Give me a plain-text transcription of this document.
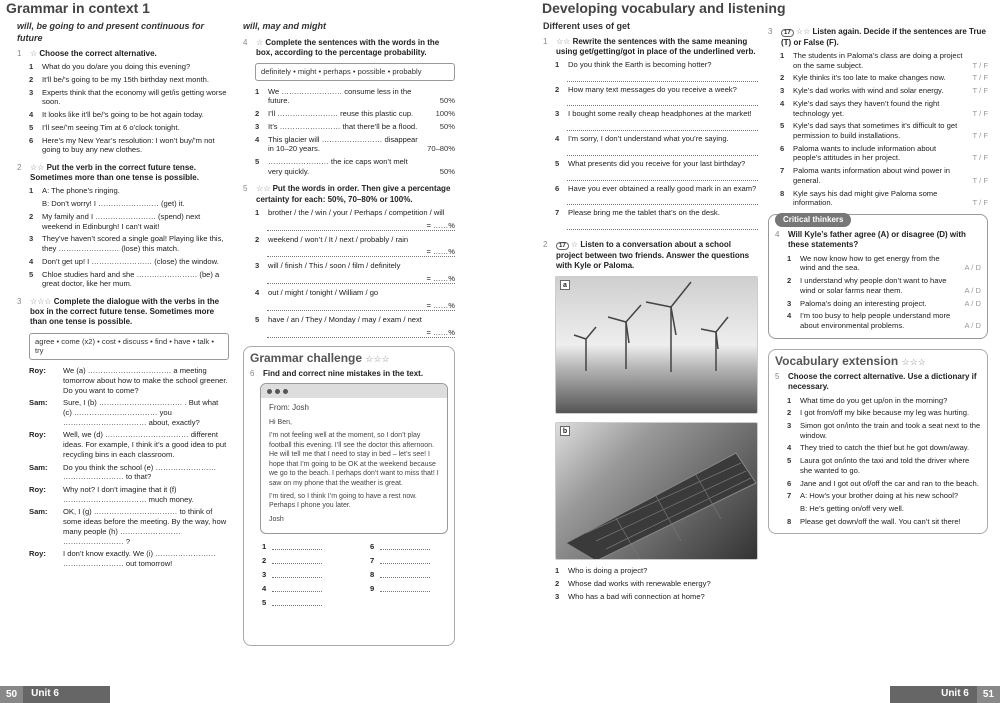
Grammar in context 1
will, be going to and present continuous for future
1	☆ Choose the correct alternative.
1	What do you do/are you doing this evening?
2	It’ll be/’s going to be my 15th birthday next month.
3	Experts think that the economy will get/is getting worse soon.
4	It looks like it’ll be/’s going to be hot again today.
5	I’ll see/’m seeing Tim at 6 o’clock tonight.
6	Here’s my New Year’s resolution: I won’t buy/’m not going to buy any new clothes.
2	☆☆ Put the verb in the correct future tense. Sometimes more than one tense is possible.
1	A: The phone’s ringing.
B: Don’t worry! I …………………… (get) it.
2	My family and I …………………… (spend) next weekend in Edinburgh! I can’t wait!
3	They’ve haven’t scored a single goal! Playing like this, they …………………… (lose) this match.
4	Don’t get up! I …………………… (close) the window.
5	Chloe studies hard and she …………………… (be) a great doctor, like her mum.
3	☆☆☆ Complete the dialogue with the verbs in the box in the correct future tense. Sometimes more than one tense is possible.
agree • come (x2) • cost • discuss • find • have • talk • try
Roy:	We (a) …………………………… a meeting tomorrow about how to make the school greener. Do you want to come?
Sam:	Sure, I (b) …………………………… . But what (c) …………………………… you …………………………… about, exactly?
Roy:	Well, we (d) …………………………… different ideas. For example, I think it’s a good idea to put recycling bins in each classroom.
Sam:	Do you think the school (e) …………………… …………………… to that?
Roy:	Why not? I don’t imagine that it (f) …………………………… much money.
Sam:	OK, I (g) …………………………… to think of some ideas before the meeting. By the way, how many people (h) …………………… …………………… ?
Roy:	I don’t know exactly. We (i) …………………… …………………… out tomorrow!
will, may and might
4	☆ Complete the sentences with the words in the box, according to the percentage probability.
definitely • might • perhaps • possible • probably
1	We …………………… consume less in the future.	50%
2	I’ll …………………… reuse this plastic cup.	100%
3	It’s …………………… that there’ll be a flood.	50%
4	This glacier will …………………… disappear in 10–20 years.	70–80%
5	…………………… the ice caps won’t melt very quickly.	50%
5	☆☆ Put the words in order. Then give a percentage certainty for each: 50%, 70–80% or 100%.
1	brother / the / win / your / Perhaps / competition / will
= ……%
2	weekend / won’t / It / next / probably / rain
= ……%
3	will / finish / This / soon / film / definitely
= ……%
4	out / might / tonight / William / go
= ……%
5	have / an / They / Monday / may / exam / next
= ……%
Grammar challenge ☆☆☆
6	Find and correct nine mistakes in the text.

From: Josh

Hi Ben,

I’m not feeling well at the moment, so I don’t play football this evening. I’ll see the doctor this afternoon. He will tell me that I need to stay in bed – let’s see! I hope that I’m going to be OK at the weekend because we go to the beach. I perhaps don’t want to miss that! I saw on my phone that the weather is great.

I’m tired, so I think I’m going to have a rest now. Perhaps I phone you later.

Josh

1	6
2	7
3	8
4	9
5
50	Unit 6
Developing vocabulary and listening
Different uses of get
1	☆☆ Rewrite the sentences with the same meaning using get/getting/got in place of the underlined verb.
1	Do you think the Earth is becoming hotter?
2	How many text messages do you receive a week?
3	I bought some really cheap headphones at the market!
4	I’m sorry, I don’t understand what you’re saying.
5	What presents did you receive for your last birthday?
6	Have you ever obtained a really good mark in an exam?
7	Please bring me the tablet that’s on the desk.
2	17 ☆ Listen to a conversation about a school project between two friends. Answer the questions with Kyle or Paloma.
a
b
1	Who is doing a project?
2	Whose dad works with renewable energy?
3	Who has a bad wifi connection at home?
3	17 ☆☆ Listen again. Decide if the sentences are True (T) or False (F).
1	The students in Paloma’s class are doing a project on the same subject.	T / F
2	Kyle thinks it’s too late to make changes now.	T / F
3	Kyle’s dad works with wind and solar energy.	T / F
4	Kyle’s dad says they haven’t found the right technology yet.	T / F
5	Kyle’s dad says that sometimes it’s difficult to get permission to build installations.	T / F
6	Paloma wants to include information about people’s attitudes in her project.	T / F
7	Paloma wants information about wind power in general.	T / F
8	Kyle says his dad might give Paloma some information.	T / F
Critical thinkers
4	Will Kyle’s father agree (A) or disagree (D) with these statements?
1	We now know how to get energy from the wind and the sea.	A / D
2	I understand why people don’t want to have wind or solar farms near them.	A / D
3	Paloma’s doing an interesting project.	A / D
4	I’m too busy to help people understand more about environmental problems.	A / D
Vocabulary extension ☆☆☆
5	Choose the correct alternative. Use a dictionary if necessary.
1	What time do you get up/on in the morning?
2	I got from/off my bike because my leg was hurting.
3	Simon got on/into the train and took a seat next to the window.
4	They tried to catch the thief but he got down/away.
5	Laura got on/into the taxi and told the driver where she wanted to go.
6	Jane and I got out of/off the car and ran to the beach.
7	A: How’s your brother doing at his new school?
B: He’s getting on/off very well.
8	Please get down/off the wall. You can’t sit there!
Unit 6	51
